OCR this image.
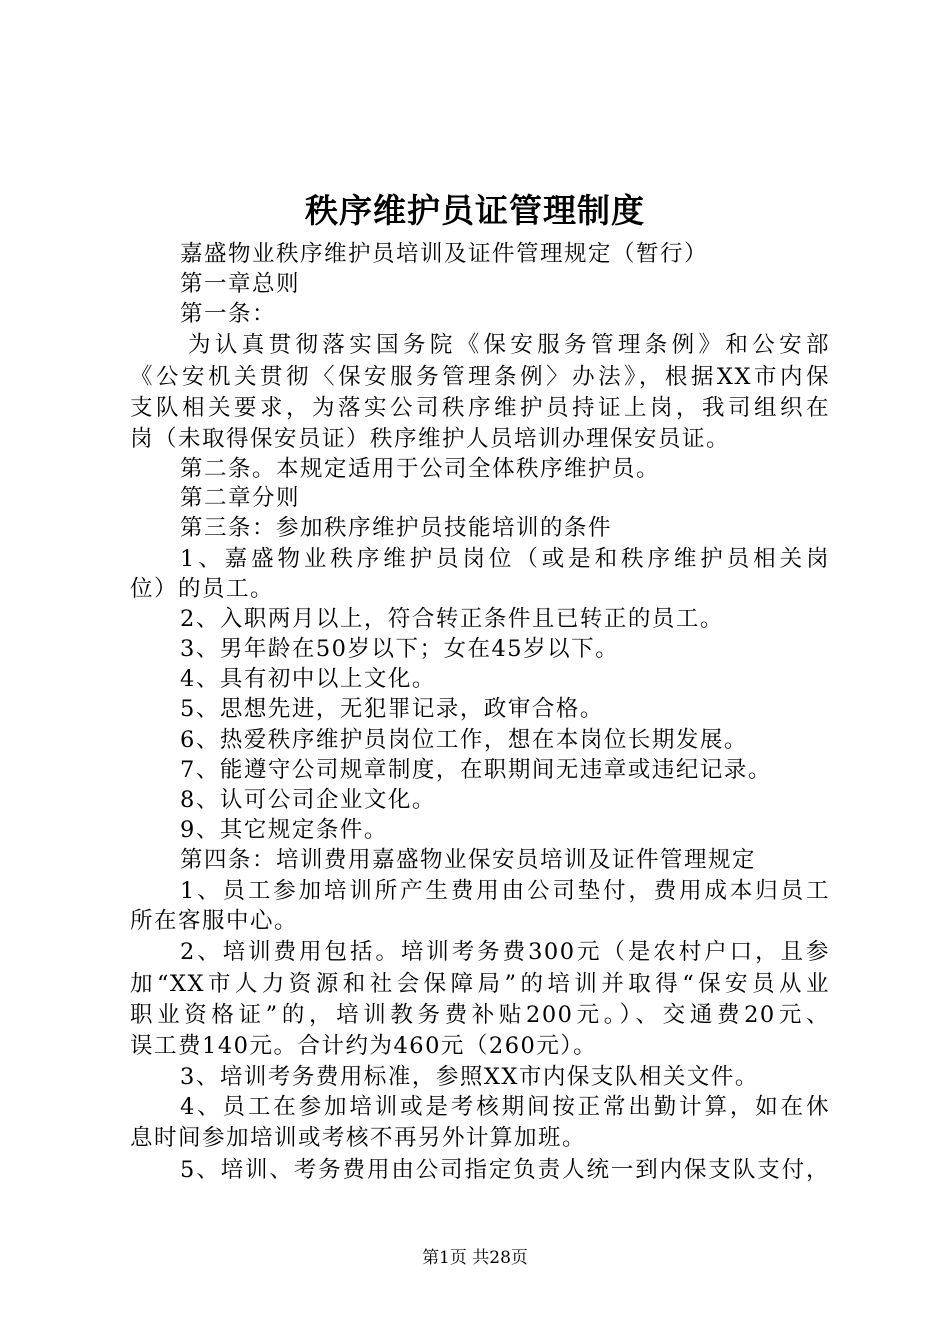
秩序维护员证管理制度
嘉盛物业秩序维护员培训及证件管理规定（暂行）
第一章总则
第一条：
为认真贯彻落实国务院《保安服务管理条例》和公安部
《公安机关贯彻〈保安服务管理条例〉办法》，根据XX市内保
支队相关要求，为落实公司秩序维护员持证上岗，我司组织在
岗（未取得保安员证）秩序维护人员培训办理保安员证。
第二条。本规定适用于公司全体秩序维护员。
第二章分则
第三条：参加秩序维护员技能培训的条件
1、嘉盛物业秩序维护员岗位（或是和秩序维护员相关岗
位）的员工。
2、入职两月以上，符合转正条件且已转正的员工。
3、男年龄在50岁以下；女在45岁以下。
4、具有初中以上文化。
5、思想先进，无犯罪记录，政审合格。
6、热爱秩序维护员岗位工作，想在本岗位长期发展。
7、能遵守公司规章制度，在职期间无违章或违纪记录。
8、认可公司企业文化。
9、其它规定条件。
第四条：培训费用嘉盛物业保安员培训及证件管理规定
1、员工参加培训所产生费用由公司垫付，费用成本归员工
所在客服中心。
2、培训费用包括。培训考务费300元（是农村户口，且参
加“XX市人力资源和社会保障局”的培训并取得“保安员从业
职业资格证”的，培训教务费补贴200元。）、交通费20元、
误工费140元。合计约为460元（260元）。
3、培训考务费用标准，参照XX市内保支队相关文件。
4、员工在参加培训或是考核期间按正常出勤计算，如在休
息时间参加培训或考核不再另外计算加班。
5、培训、考务费用由公司指定负责人统一到内保支队支付，
第1页 共28页
